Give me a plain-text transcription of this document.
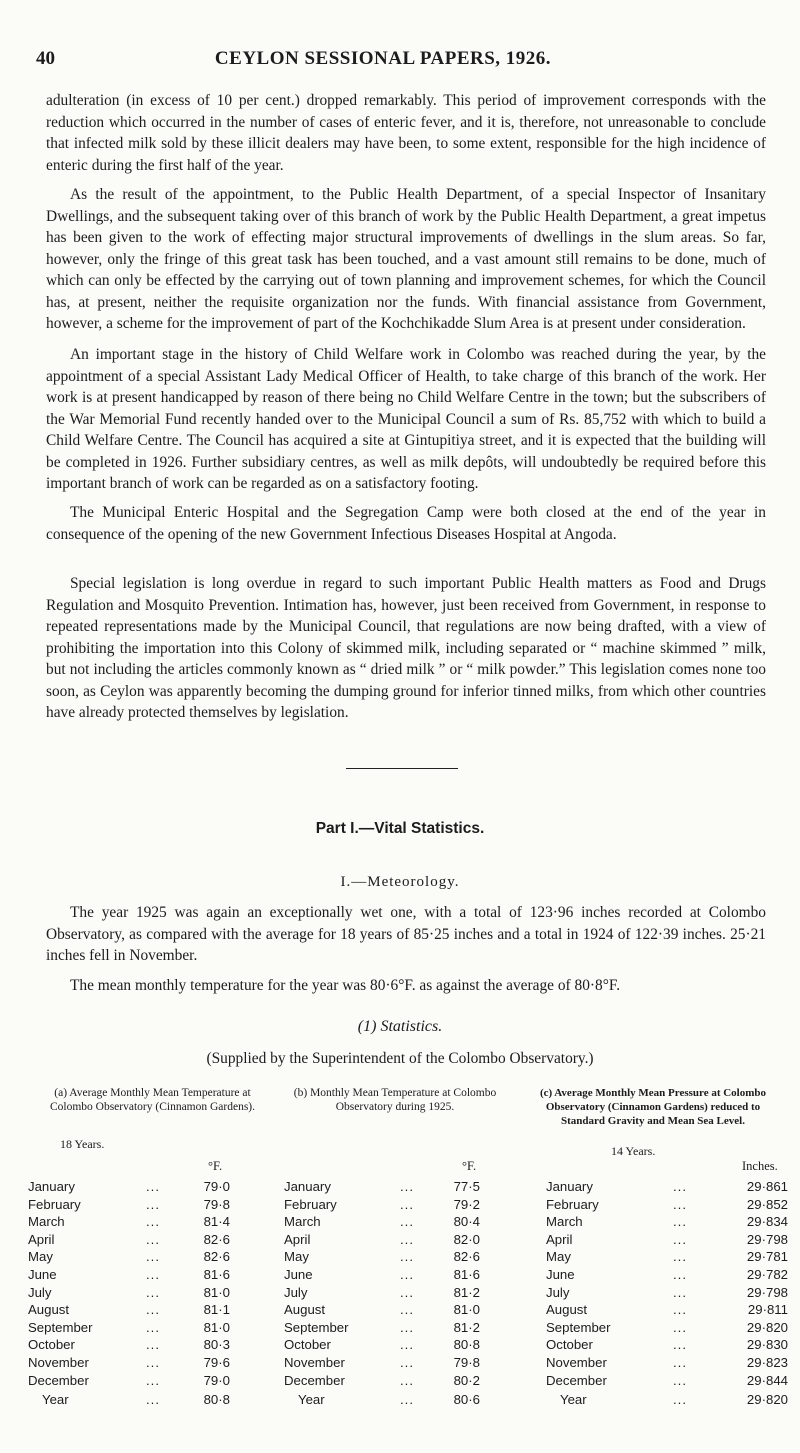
40	CEYLON SESSIONAL PAPERS, 1926.

adulteration (in excess of 10 per cent.) dropped remarkably. This period of improvement corresponds with the reduction which occurred in the number of cases of enteric fever, and it is, therefore, not unreasonable to conclude that infected milk sold by these illicit dealers may have been, to some extent, responsible for the high incidence of enteric during the first half of the year.

As the result of the appointment, to the Public Health Department, of a special Inspector of Insanitary Dwellings, and the subsequent taking over of this branch of work by the Public Health Department, a great impetus has been given to the work of effecting major structural improvements of dwellings in the slum areas. So far, however, only the fringe of this great task has been touched, and a vast amount still remains to be done, much of which can only be effected by the carrying out of town planning and improvement schemes, for which the Council has, at present, neither the requisite organization nor the funds. With financial assistance from Government, however, a scheme for the improvement of part of the Kochchikadde Slum Area is at present under consideration.

An important stage in the history of Child Welfare work in Colombo was reached during the year, by the appointment of a special Assistant Lady Medical Officer of Health, to take charge of this branch of the work. Her work is at present handicapped by reason of there being no Child Welfare Centre in the town; but the subscribers of the War Memorial Fund recently handed over to the Municipal Council a sum of Rs. 85,752 with which to build a Child Welfare Centre. The Council has acquired a site at Gintupitiya street, and it is expected that the building will be completed in 1926. Further subsidiary centres, as well as milk depôts, will undoubtedly be required before this important branch of work can be regarded as on a satisfactory footing.

The Municipal Enteric Hospital and the Segregation Camp were both closed at the end of the year in consequence of the opening of the new Government Infectious Diseases Hospital at Angoda.

Special legislation is long overdue in regard to such important Public Health matters as Food and Drugs Regulation and Mosquito Prevention. Intimation has, however, just been received from Government, in response to repeated representations made by the Municipal Council, that regulations are now being drafted, with a view of prohibiting the importation into this Colony of skimmed milk, including separated or “ machine skimmed ” milk, but not including the articles commonly known as “ dried milk ” or “ milk powder.” This legislation comes none too soon, as Ceylon was apparently becoming the dumping ground for inferior tinned milks, from which other countries have already protected themselves by legislation.

Part I.—Vital Statistics.
I.—Meteorology.

The year 1925 was again an exceptionally wet one, with a total of 123·96 inches recorded at Colombo Observatory, as compared with the average for 18 years of 85·25 inches and a total in 1924 of 122·39 inches. 25·21 inches fell in November.

The mean monthly temperature for the year was 80·6°F. as against the average of 80·8°F.

(1) Statistics.
(Supplied by the Superintendent of the Colombo Observatory.)
(a) Average Monthly Mean Temperature at Colombo Observatory (Cinnamon Gardens).
18 Years.
(b) Monthly Mean Temperature at Colombo Observatory during 1925.
(c) Average Monthly Mean Pressure at Colombo Observatory (Cinnamon Gardens) reduced to Standard Gravity and Mean Sea Level.
14 Years.
°F.	°F.	Inches.
January	...	79·0	January	...	77·5	January	...	29·861
February	...	79·8	February	...	79·2	February	...	29·852
March	...	81·4	March	...	80·4	March	...	29·834
April	...	82·6	April	...	82·0	April	...	29·798
May	...	82·6	May	...	82·6	May	...	29·781
June	...	81·6	June	...	81·6	June	...	29·782
July	...	81·0	July	...	81·2	July	...	29·798
August	...	81·1	August	...	81·0	August	...	29·811
September	...	81·0	September	...	81·2	September	...	29·820
October	...	80·3	October	...	80·8	October	...	29·830
November	...	79·6	November	...	79·8	November	...	29·823
December	...	79·0	December	...	80·2	December	...	29·844
Year	...	80·8	Year	...	80·6	Year	...	29·820
